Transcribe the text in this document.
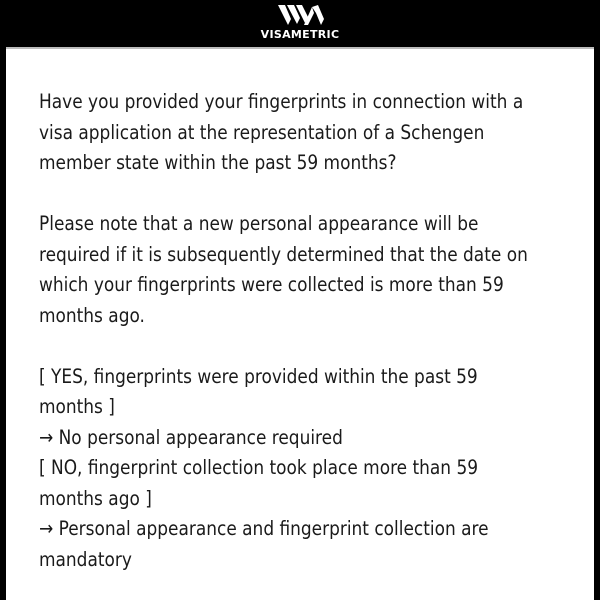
VISAMETRIC

Have you provided your fingerprints in connection with a

visa application at the representation of a Schengen

member state within the past 59 months?

Please note that a new personal appearance will be

required if it is subsequently determined that the date on

which your fingerprints were collected is more than 59

months ago.

[ YES, fingerprints were provided within the past 59

months ]

→ No personal appearance required

[ NO, fingerprint collection took place more than 59

months ago ]

→ Personal appearance and fingerprint collection are

mandatory
